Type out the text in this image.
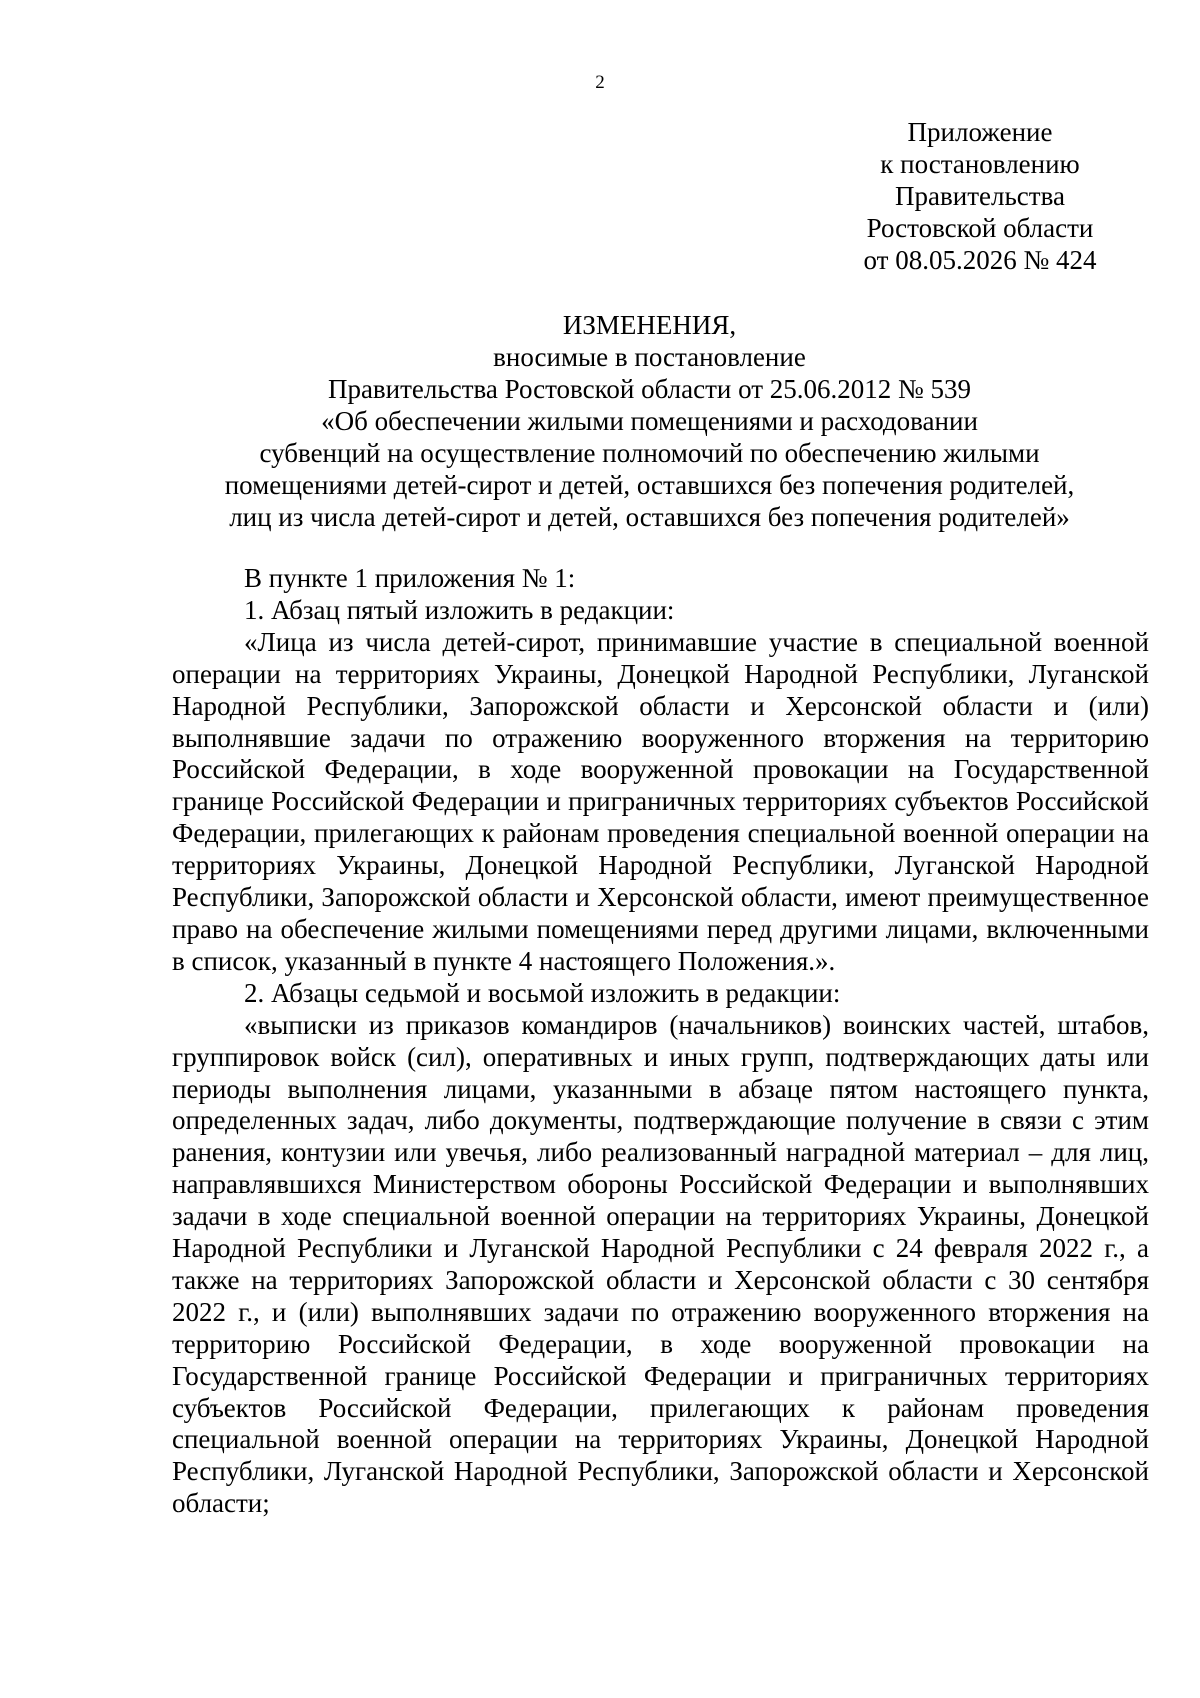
2
Приложение
к постановлению
Правительства
Ростовской области
от 08.05.2026 № 424
ИЗМЕНЕНИЯ,
вносимые в постановление
Правительства Ростовской области от 25.06.2012 № 539
«Об обеспечении жилыми помещениями и расходовании
субвенций на осуществление полномочий по обеспечению жилыми
помещениями детей-сирот и детей, оставшихся без попечения родителей,
лиц из числа детей-сирот и детей, оставшихся без попечения родителей»

В пункте 1 приложения № 1:

1. Абзац пятый изложить в редакции:

«Лица из числа детей-сирот, принимавшие участие в специальной военной операции на территориях Украины, Донецкой Народной Республики, Луганской Народной Республики, Запорожской области и Херсонской области и (или) выполнявшие задачи по отражению вооруженного вторжения на территорию Российской Федерации, в ходе вооруженной провокации на Государственной границе Российской Федерации и приграничных территориях субъектов Российской Федерации, прилегающих к районам проведения специальной военной операции на территориях Украины, Донецкой Народной Республики, Луганской Народной Республики, Запорожской области и Херсонской области, имеют преимущественное право на обеспечение жилыми помещениями перед другими лицами, включенными в список, указанный в пункте 4 настоящего Положения.».

2. Абзацы седьмой и восьмой изложить в редакции:

«выписки из приказов командиров (начальников) воинских частей, штабов, группировок войск (сил), оперативных и иных групп, подтверждающих даты или периоды выполнения лицами, указанными в абзаце пятом настоящего пункта, определенных задач, либо документы, подтверждающие получение в связи с этим ранения, контузии или увечья, либо реализованный наградной материал – для лиц, направлявшихся Министерством обороны Российской Федерации и выполнявших задачи в ходе специальной военной операции на территориях Украины, Донецкой Народной Республики и Луганской Народной Республики с 24 февраля 2022 г., а также на территориях Запорожской области и Херсонской области с 30 сентября 2022 г., и (или) выполнявших задачи по отражению вооруженного вторжения на территорию Российской Федерации, в ходе вооруженной провокации на Государственной границе Российской Федерации и приграничных территориях субъектов Российской Федерации, прилегающих к районам проведения специальной военной операции на территориях Украины, Донецкой Народной Республики, Луганской Народной Республики, Запорожской области и Херсонской области;
